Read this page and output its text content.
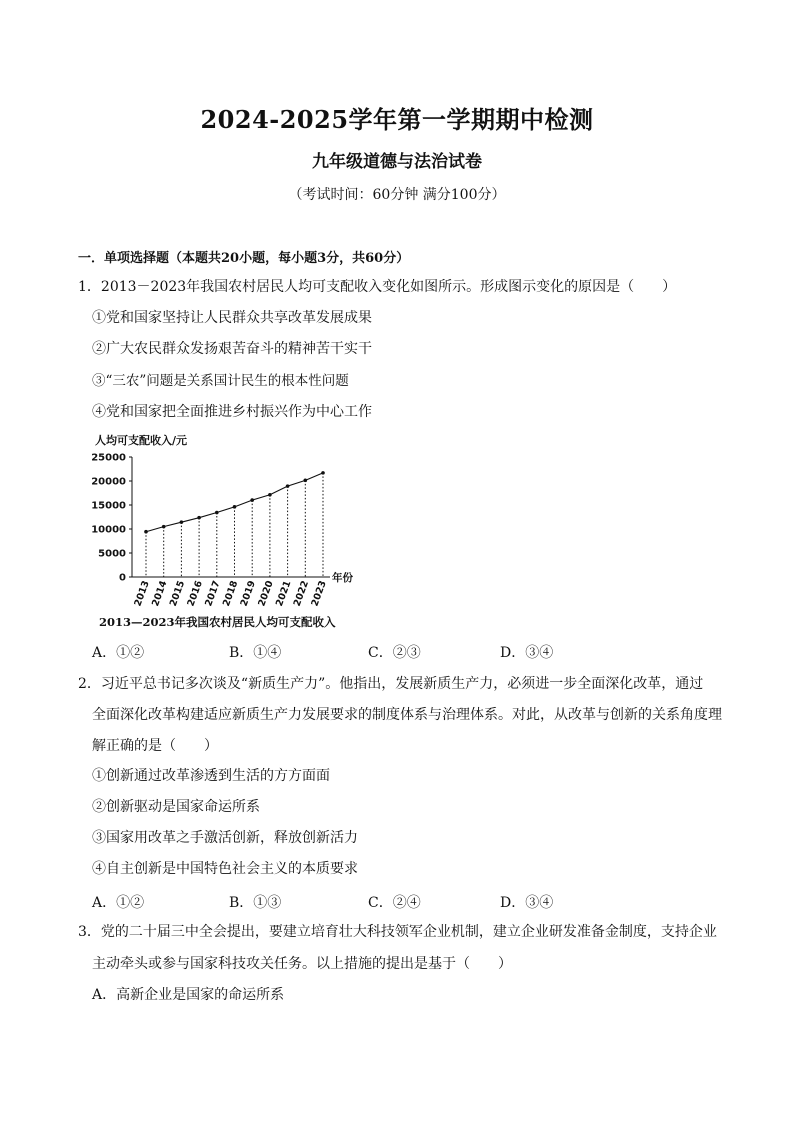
2024-2025学年第一学期期中检测
九年级道德与法治试卷
（考试时间：60分钟 满分100分）
一．单项选择题（本题共20小题，每小题3分，共60分）
1．2013－2023年我国农村居民人均可支配收入变化如图所示。形成图示变化的原因是（　　）
①党和国家坚持让人民群众共享改革发展成果
②广大农民群众发扬艰苦奋斗的精神苦干实干
③“三农”问题是关系国计民生的根本性问题
④党和国家把全面推进乡村振兴作为中心工作
人均可支配收入/元
0
5000
10000
15000
20000
25000
2013
2014
2015
2016
2017
2018
2019
2020
2021
2022
2023
年份
2013—2023年我国农村居民人均可支配收入
A．①②	B．①④	C．②③	D．③④
2．习近平总书记多次谈及“新质生产力”。他指出，发展新质生产力，必须进一步全面深化改革，通过
全面深化改革构建适应新质生产力发展要求的制度体系与治理体系。对此，从改革与创新的关系角度理
解正确的是（　　）
①创新通过改革渗透到生活的方方面面
②创新驱动是国家命运所系
③国家用改革之手激活创新，释放创新活力
④自主创新是中国特色社会主义的本质要求
A．①②	B．①③	C．②④	D．③④
3．党的二十届三中全会提出，要建立培育壮大科技领军企业机制，建立企业研发准备金制度，支持企业
主动牵头或参与国家科技攻关任务。以上措施的提出是基于（　　）
A．高新企业是国家的命运所系
